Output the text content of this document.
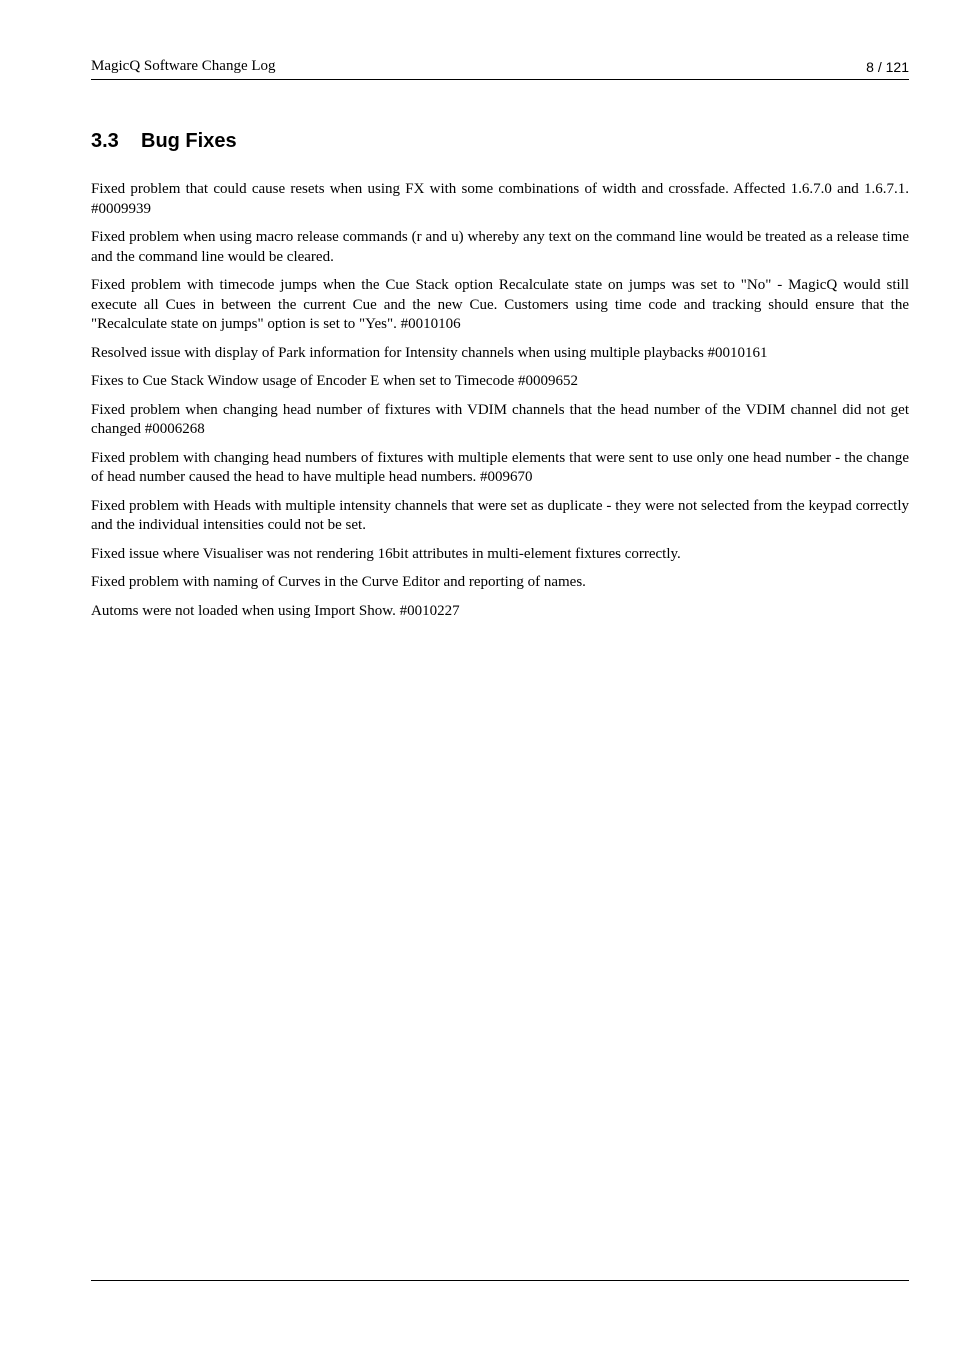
MagicQ Software Change Log	8 / 121
3.3 Bug Fixes

Fixed problem that could cause resets when using FX with some combinations of width and crossfade. Affected 1.6.7.0 and 1.6.7.1. #0009939

Fixed problem when using macro release commands (r and u) whereby any text on the command line would be treated as a release time and the command line would be cleared.

Fixed problem with timecode jumps when the Cue Stack option Recalculate state on jumps was set to "No" - MagicQ would still execute all Cues in between the current Cue and the new Cue. Customers using time code and tracking should ensure that the "Recalculate state on jumps" option is set to "Yes". #0010106

Resolved issue with display of Park information for Intensity channels when using multiple playbacks #0010161

Fixes to Cue Stack Window usage of Encoder E when set to Timecode #0009652

Fixed problem when changing head number of fixtures with VDIM channels that the head number of the VDIM channel did not get changed #0006268

Fixed problem with changing head numbers of fixtures with multiple elements that were sent to use only one head number - the change of head number caused the head to have multiple head numbers. #009670

Fixed problem with Heads with multiple intensity channels that were set as duplicate - they were not selected from the keypad correctly and the individual intensities could not be set.

Fixed issue where Visualiser was not rendering 16bit attributes in multi-element fixtures correctly.

Fixed problem with naming of Curves in the Curve Editor and reporting of names.

Automs were not loaded when using Import Show. #0010227
